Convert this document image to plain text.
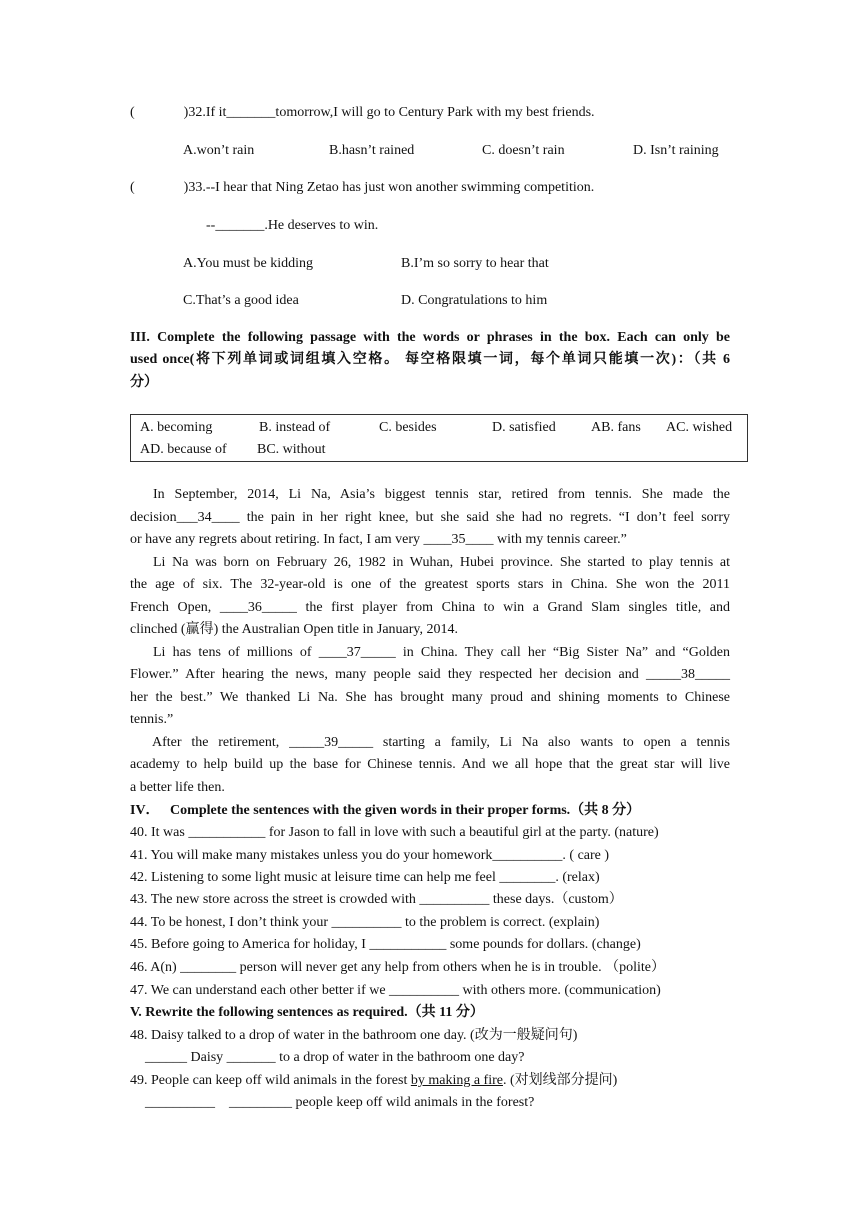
(              )32.If it_______tomorrow,I will go to Century Park with my best friends.
A.won’t rain	B.hasn’t rained	C. doesn’t rain	D. Isn’t raining
(              )33.--I hear that Ning Zetao has just won another swimming competition.
--_______.He deserves to win.
A.You must be kidding	B.I’m so sorry to hear that
C.That’s a good idea	D. Congratulations to him
III. Complete the following passage with the words or phrases in the box. Each can only be
used once(将下列单词或词组填入空格。 每空格限填一词，每个单词只能填一次)：（共 6
分）
A. becoming	B. instead of	C. besides	D. satisfied	AB. fans AC. wished
AD. because of BC. without
In September, 2014, Li Na, Asia’s biggest tennis star, retired from tennis. She made the
decision___34____ the pain in her right knee, but she said she had no regrets. “I don’t feel sorry
or have any regrets about retiring. In fact, I am very ____35____ with my tennis career.”
Li Na was born on February 26, 1982 in Wuhan, Hubei province. She started to play tennis at
the age of six. The 32-year-old is one of the greatest sports stars in China. She won the 2011
French Open, ____36_____ the first player from China to win a Grand Slam singles title, and
clinched (赢得) the Australian Open title in January, 2014.
Li has tens of millions of ____37_____ in China. They call her “Big Sister Na” and “Golden
Flower.” After hearing the news, many people said they respected her decision and _____38_____
her the best.” We thanked Li Na. She has brought many proud and shining moments to Chinese
tennis.”
After the retirement, _____39_____ starting a family, Li Na also wants to open a tennis
academy to help build up the base for Chinese tennis. And we all hope that the great star will live
a better life then.
IV．   Complete the sentences with the given words in their proper forms.（共 8 分）
40. It was ___________ for Jason to fall in love with such a beautiful girl at the party. (nature)
41. You will make many mistakes unless you do your homework__________. ( care )
42. Listening to some light music at leisure time can help me feel ________. (relax)
43. The new store across the street is crowded with __________ these days.（custom）
44. To be honest, I don’t think your __________ to the problem is correct. (explain)
45. Before going to America for holiday, I ___________ some pounds for dollars. (change)
46. A(n) ________ person will never get any help from others when he is in trouble. （polite）
47. We can understand each other better if we __________ with others more. (communication)
V. Rewrite the following sentences as required.（共 11 分）
48. Daisy talked to a drop of water in the bathroom one day. (改为一般疑问句)
______ Daisy _______ to a drop of water in the bathroom one day?
49. People can keep off wild animals in the forest by making a fire. (对划线部分提问)
__________    _________ people keep off wild animals in the forest?
